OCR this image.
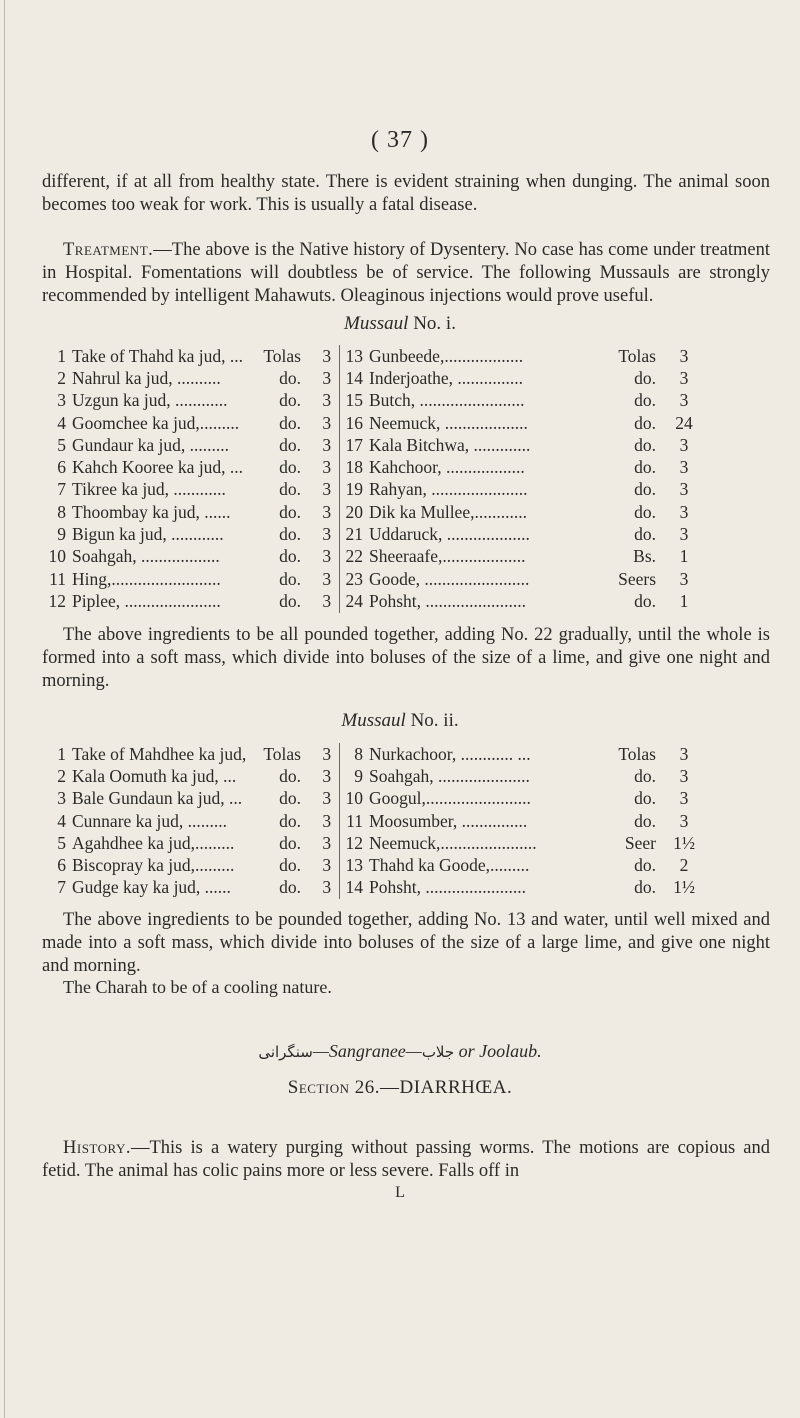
( 37 )
different, if at all from healthy state. There is evident straining when dunging. The animal soon becomes too weak for work. This is usually a fatal disease.
Treatment.—The above is the Native history of Dysentery. No case has come under treatment in Hospital. Fomentations will doubtless be of service. The following Mussauls are strongly recommended by intelligent Mahawuts. Oleaginous injections would prove useful.
Mussaul No. i.
1	Take of Thahd ka jud, ...	Tolas	3	13	Gunbeede,..................	Tolas	3
2	Nahrul ka jud, ..........	do.	3	14	Inderjoathe, ...............	do.	3
3	Uzgun ka jud, ............	do.	3	15	Butch, ........................	do.	3
4	Goomchee ka jud,.........	do.	3	16	Neemuck, ...................	do.	24
5	Gundaur ka jud, .........	do.	3	17	Kala Bitchwa, .............	do.	3
6	Kahch Kooree ka jud, ...	do.	3	18	Kahchoor, ..................	do.	3
7	Tikree ka jud, ............	do.	3	19	Rahyan, ......................	do.	3
8	Thoombay ka jud, ......	do.	3	20	Dik ka Mullee,............	do.	3
9	Bigun ka jud, ............	do.	3	21	Uddaruck, ...................	do.	3
10	Soahgah, ..................	do.	3	22	Sheeraafe,...................	Bs.	1
11	Hing,.........................	do.	3	23	Goode, ........................	Seers	3
12	Piplee, ......................	do.	3	24	Pohsht, .......................	do.	1
The above ingredients to be all pounded together, adding No. 22 gradually, until the whole is formed into a soft mass, which divide into boluses of the size of a lime, and give one night and morning.
Mussaul No. ii.
1	Take of Mahdhee ka jud,	Tolas	3	8	Nurkachoor, ............ ...	Tolas	3
2	Kala Oomuth ka jud, ...	do.	3	9	Soahgah, .....................	do.	3
3	Bale Gundaun ka jud, ...	do.	3	10	Googul,........................	do.	3
4	Cunnare ka jud, .........	do.	3	11	Moosumber, ...............	do.	3
5	Agahdhee ka jud,.........	do.	3	12	Neemuck,......................	Seer	1½
6	Biscopray ka jud,.........	do.	3	13	Thahd ka Goode,.........	do.	2
7	Gudge kay ka jud, ......	do.	3	14	Pohsht, .......................	do.	1½
The above ingredients to be pounded together, adding No. 13 and water, until well mixed and made into a soft mass, which divide into boluses of the size of a large lime, and give one night and morning.
The Charah to be of a cooling nature.
سنگرانی—Sangranee—جلاب or Joolaub.
Section 26.—DIARRHŒA.
History.—This is a watery purging without passing worms. The motions are copious and fetid. The animal has colic pains more or less severe. Falls off in
L
